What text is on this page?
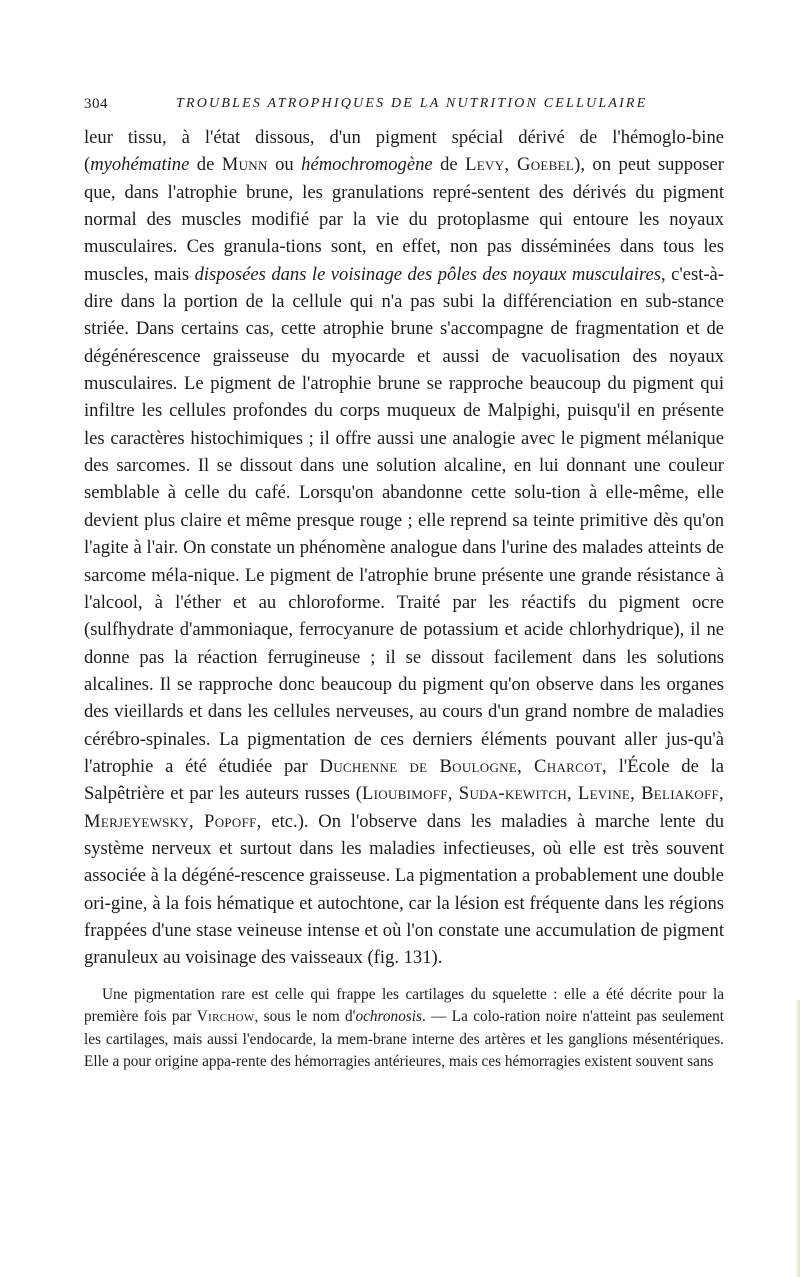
304	TROUBLES ATROPHIQUES DE LA NUTRITION CELLULAIRE

leur tissu, à l'état dissous, d'un pigment spécial dérivé de l'hémoglo-bine (myohématine de Munn ou hémochromogène de Levy, Goebel), on peut supposer que, dans l'atrophie brune, les granulations repré-sentent des dérivés du pigment normal des muscles modifié par la vie du protoplasme qui entoure les noyaux musculaires. Ces granula-tions sont, en effet, non pas disséminées dans tous les muscles, mais disposées dans le voisinage des pôles des noyaux musculaires, c'est-à-dire dans la portion de la cellule qui n'a pas subi la différenciation en sub-stance striée. Dans certains cas, cette atrophie brune s'accompagne de fragmentation et de dégénérescence graisseuse du myocarde et aussi de vacuolisation des noyaux musculaires. Le pigment de l'atrophie brune se rapproche beaucoup du pigment qui infiltre les cellules profondes du corps muqueux de Malpighi, puisqu'il en présente les caractères histochimiques ; il offre aussi une analogie avec le pigment mélanique des sarcomes. Il se dissout dans une solution alcaline, en lui donnant une couleur semblable à celle du café. Lorsqu'on abandonne cette solu-tion à elle-même, elle devient plus claire et même presque rouge ; elle reprend sa teinte primitive dès qu'on l'agite à l'air. On constate un phénomène analogue dans l'urine des malades atteints de sarcome méla-nique. Le pigment de l'atrophie brune présente une grande résistance à l'alcool, à l'éther et au chloroforme. Traité par les réactifs du pigment ocre (sulfhydrate d'ammoniaque, ferrocyanure de potassium et acide chlorhydrique), il ne donne pas la réaction ferrugineuse ; il se dissout facilement dans les solutions alcalines. Il se rapproche donc beaucoup du pigment qu'on observe dans les organes des vieillards et dans les cellules nerveuses, au cours d'un grand nombre de maladies cérébro-spinales. La pigmentation de ces derniers éléments pouvant aller jus-qu'à l'atrophie a été étudiée par Duchenne de Boulogne, Charcot, l'École de la Salpêtrière et par les auteurs russes (Lioubimoff, Suda-kewitch, Levine, Beliakoff, Merjeyewsky, Popoff, etc.). On l'observe dans les maladies à marche lente du système nerveux et surtout dans les maladies infectieuses, où elle est très souvent associée à la dégéné-rescence graisseuse. La pigmentation a probablement une double ori-gine, à la fois hématique et autochtone, car la lésion est fréquente dans les régions frappées d'une stase veineuse intense et où l'on constate une accumulation de pigment granuleux au voisinage des vaisseaux (fig. 131).

Une pigmentation rare est celle qui frappe les cartilages du squelette : elle a été décrite pour la première fois par Virchow, sous le nom d'ochronosis. — La colo-ration noire n'atteint pas seulement les cartilages, mais aussi l'endocarde, la mem-brane interne des artères et les ganglions mésentériques. Elle a pour origine appa-rente des hémorragies antérieures, mais ces hémorragies existent souvent sans
